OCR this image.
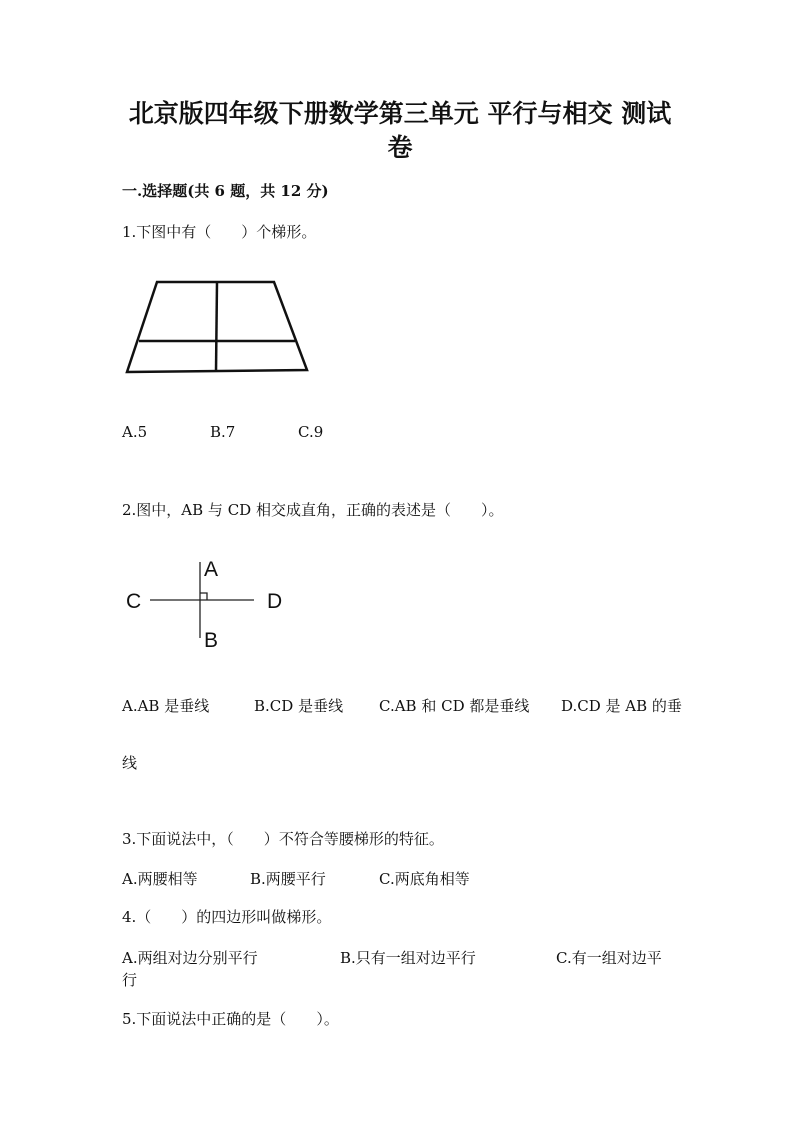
北京版四年级下册数学第三单元 平行与相交 测试
卷
一.选择题(共 6 题，共 12 分)
1.下图中有（　　）个梯形。
A.5	B.7	C.9
2.图中，AB 与 CD 相交成直角，正确的表述是（　　）。
A
B
C	D
A.AB 是垂线	B.CD 是垂线 C.AB 和 CD 都是垂线 D.CD 是 AB 的垂
线
3.下面说法中，（　　）不符合等腰梯形的特征。
A.两腰相等	B.两腰平行	C.两底角相等
4.（　　）的四边形叫做梯形。
A.两组对边分别平行	B.只有一组对边平行	C.有一组对边平
行
5.下面说法中正确的是（　　）。
